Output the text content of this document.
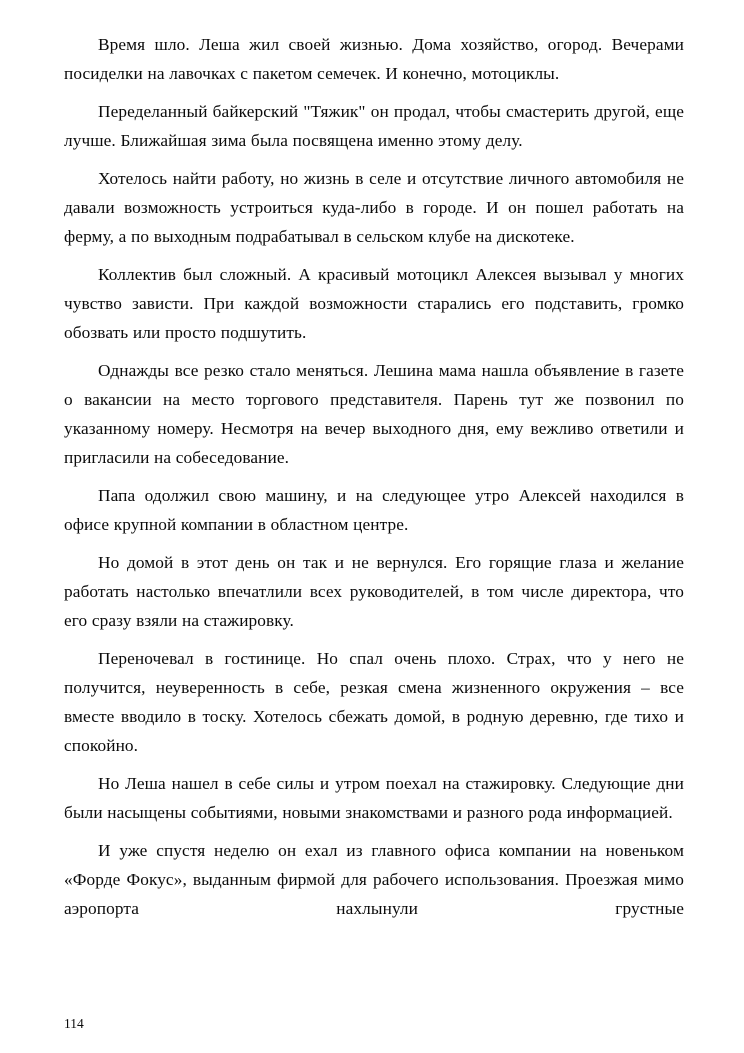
Время шло. Леша жил своей жизнью. Дома хозяйство, огород. Вечерами посиделки на лавочках с пакетом семечек. И конечно, мотоциклы.

Переделанный байкерский "Тяжик" он продал, чтобы смастерить другой, еще лучше. Ближайшая зима была посвящена именно этому делу.

Хотелось найти работу, но жизнь в селе и отсутствие личного автомобиля не давали возможность устроиться куда-либо в городе. И он пошел работать на ферму, а по выходным подрабатывал в сельском клубе на дискотеке.

Коллектив был сложный. А красивый мотоцикл Алексея вызывал у многих чувство зависти. При каждой возможности старались его подставить, громко обозвать или просто подшутить.

Однажды все резко стало меняться. Лешина мама нашла объявление в газете о вакансии на место торгового представителя. Парень тут же позвонил по указанному номеру. Несмотря на вечер выходного дня, ему вежливо ответили и пригласили на собеседование.

Папа одолжил свою машину, и на следующее утро Алексей находился в офисе крупной компании в областном центре.

Но домой в этот день он так и не вернулся. Его горящие глаза и желание работать настолько впечатлили всех руководителей, в том числе директора, что его сразу взяли на стажировку.

Переночевал в гостинице. Но спал очень плохо. Страх, что у него не получится, неуверенность в себе, резкая смена жизненного окружения – все вместе вводило в тоску. Хотелось сбежать домой, в родную деревню, где тихо и спокойно.

Но Леша нашел в себе силы и утром поехал на стажировку. Следующие дни были насыщены событиями, новыми знакомствами и разного рода информацией.

И уже спустя неделю он ехал из главного офиса компании на новеньком «Форде Фокус», выданным фирмой для рабочего использования. Проезжая мимо аэропорта нахлынули грустные

114
